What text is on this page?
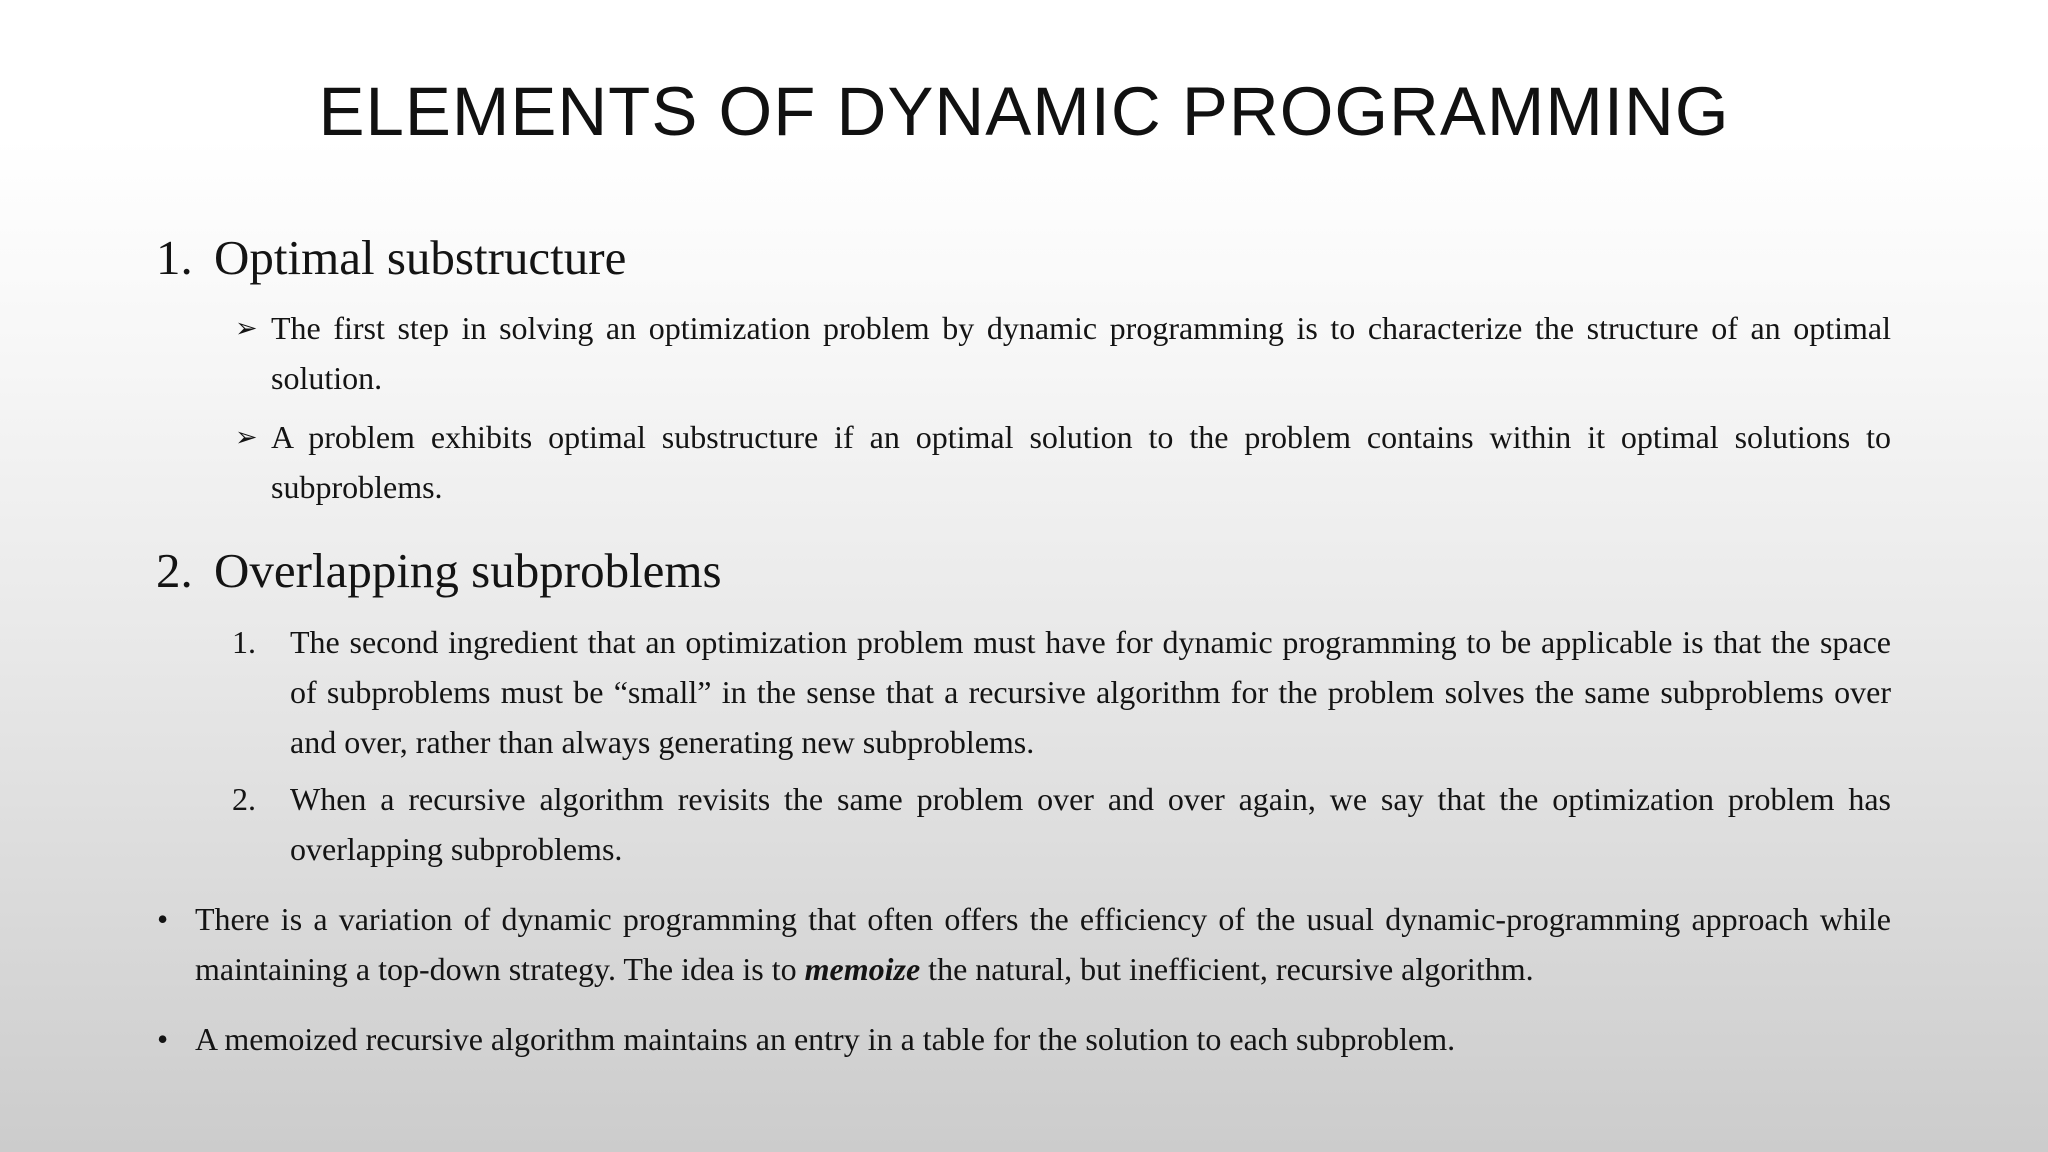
ELEMENTS OF DYNAMIC PROGRAMMING
1. Optimal substructure
➢ The first step in solving an optimization problem by dynamic programming is to characterize the structure of an optimal solution.
➢ A problem exhibits optimal substructure if an optimal solution to the problem contains within it optimal solutions to subproblems.
2. Overlapping subproblems
1. The second ingredient that an optimization problem must have for dynamic programming to be applicable is that the space of subproblems must be “small” in the sense that a recursive algorithm for the problem solves the same subproblems over and over, rather than always generating new subproblems.
2. When a recursive algorithm revisits the same problem over and over again, we say that the optimization problem has overlapping subproblems.
• There is a variation of dynamic programming that often offers the efficiency of the usual dynamic-programming approach while maintaining a top-down strategy. The idea is to memoize the natural, but inefficient, recursive algorithm.
• A memoized recursive algorithm maintains an entry in a table for the solution to each subproblem.
